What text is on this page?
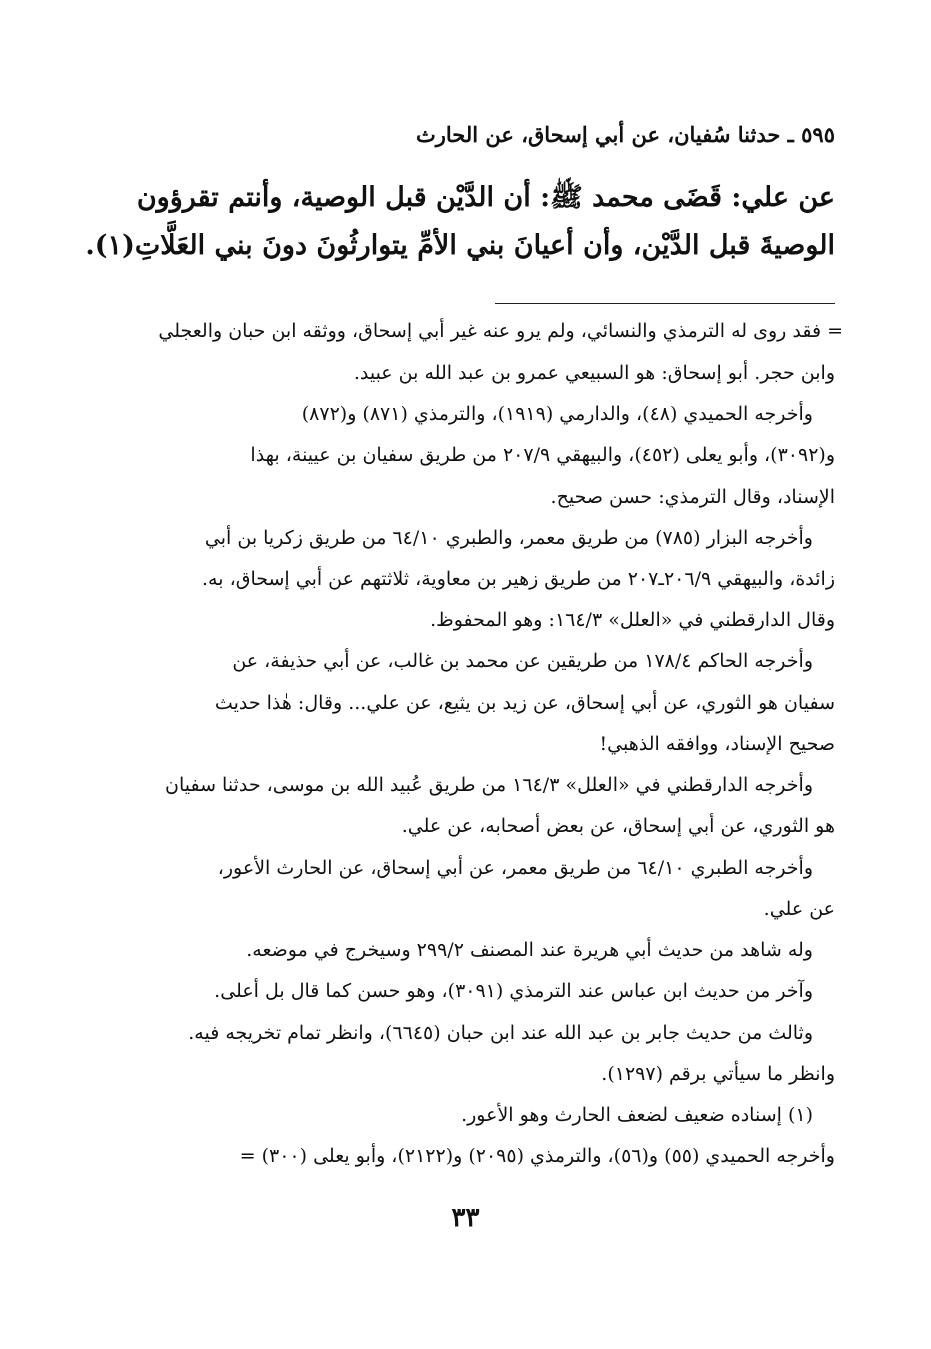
٥٩٥ ـ حدثنا سُفيان، عن أبي إسحاق، عن الحارث
عن علي: قَضَى محمد ﷺ: أن الدَّيْن قبل الوصية، وأنتم تقرؤون
الوصيةَ قبل الدَّيْن، وأن أعيانَ بني الأمِّ يتوارثُونَ دونَ بني العَلَّاتِ(١).
= فقد روى له الترمذي والنسائي، ولم يرو عنه غير أبي إسحاق، ووثقه ابن حبان والعجلي
وابن حجر. أبو إسحاق: هو السبيعي عمرو بن عبد الله بن عبيد.
وأخرجه الحميدي (٤٨)، والدارمي (١٩١٩)، والترمذي (٨٧١) و(٨٧٢)
و(٣٠٩٢)، وأبو يعلى (٤٥٢)، والبيهقي ٢٠٧/٩ من طريق سفيان بن عيينة، بهذا
الإسناد، وقال الترمذي: حسن صحيح.
وأخرجه البزار (٧٨٥) من طريق معمر، والطبري ٦٤/١٠ من طريق زكريا بن أبي
زائدة، والبيهقي ٢٠٦/٩ـ٢٠٧ من طريق زهير بن معاوية، ثلاثتهم عن أبي إسحاق، به.
وقال الدارقطني في «العلل» ١٦٤/٣: وهو المحفوظ.
وأخرجه الحاكم ١٧٨/٤ من طريقين عن محمد بن غالب، عن أبي حذيفة، عن
سفيان هو الثوري، عن أبي إسحاق، عن زيد بن يثيع، عن علي... وقال: هٰذا حديث
صحيح الإسناد، ووافقه الذهبي!
وأخرجه الدارقطني في «العلل» ١٦٤/٣ من طريق عُبيد الله بن موسى، حدثنا سفيان
هو الثوري، عن أبي إسحاق، عن بعض أصحابه، عن علي.
وأخرجه الطبري ٦٤/١٠ من طريق معمر، عن أبي إسحاق، عن الحارث الأعور،
عن علي.
وله شاهد من حديث أبي هريرة عند المصنف ٢٩٩/٢ وسيخرج في موضعه.
وآخر من حديث ابن عباس عند الترمذي (٣٠٩١)، وهو حسن كما قال بل أعلى.
وثالث من حديث جابر بن عبد الله عند ابن حبان (٦٦٤٥)، وانظر تمام تخريجه فيه.
وانظر ما سيأتي برقم (١٢٩٧).
(١) إسناده ضعيف لضعف الحارث وهو الأعور.
وأخرجه الحميدي (٥٥) و(٥٦)، والترمذي (٢٠٩٥) و(٢١٢٢)، وأبو يعلى (٣٠٠) =
٣٣
